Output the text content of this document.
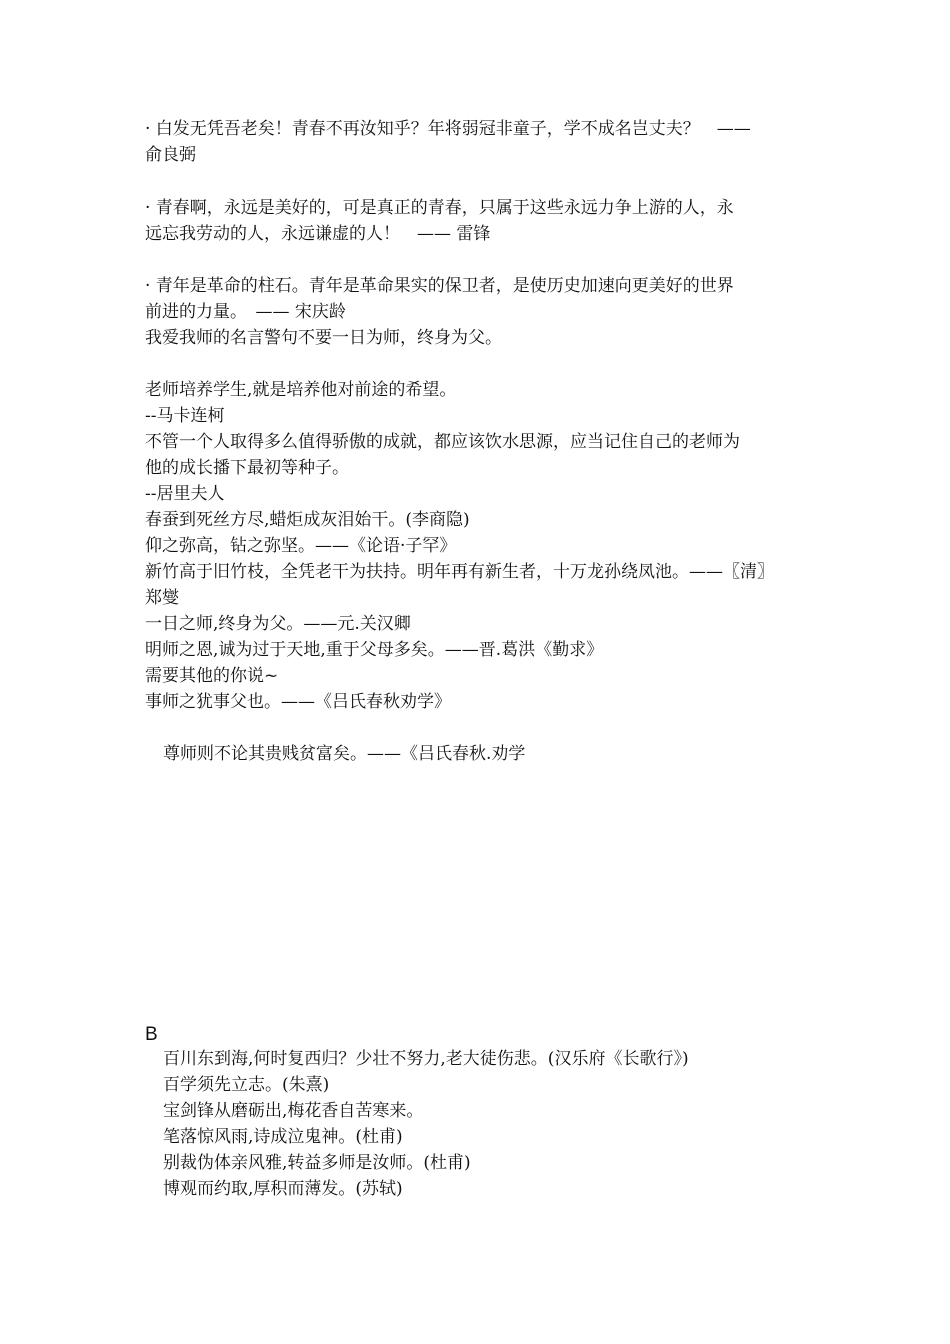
· 白发无凭吾老矣！青春不再汝知乎？年将弱冠非童子，学不成名岂丈夫？　——
俞良弼
· 青春啊，永远是美好的，可是真正的青春，只属于这些永远力争上游的人，永
远忘我劳动的人，永远谦虚的人！　—— 雷锋
· 青年是革命的柱石。青年是革命果实的保卫者，是使历史加速向更美好的世界
前进的力量。　—— 宋庆龄
我爱我师的名言警句不要一日为师，终身为父。
老师培养学生,就是培养他对前途的希望。
--马卡连柯
不管一个人取得多么值得骄傲的成就，都应该饮水思源，应当记住自己的老师为
他的成长播下最初等种子。
--居里夫人
春蚕到死丝方尽,蜡炬成灰泪始干。(李商隐)
仰之弥高，钻之弥坚。——《论语·子罕》
新竹高于旧竹枝，全凭老干为扶持。明年再有新生者，十万龙孙绕凤池。——〖清〗
郑燮
一日之师,终身为父。——元.关汉卿
明师之恩,诚为过于天地,重于父母多矣。——晋.葛洪《勤求》
需要其他的你说~
事师之犹事父也。——《吕氏春秋劝学》
尊师则不论其贵贱贫富矣。——《吕氏春秋.劝学
B
百川东到海,何时复西归？少壮不努力,老大徒伤悲。(汉乐府《长歌行》)
百学须先立志。(朱熹)
宝剑锋从磨砺出,梅花香自苦寒来。
笔落惊风雨,诗成泣鬼神。(杜甫)
别裁伪体亲风雅,转益多师是汝师。(杜甫)
博观而约取,厚积而薄发。(苏轼)
